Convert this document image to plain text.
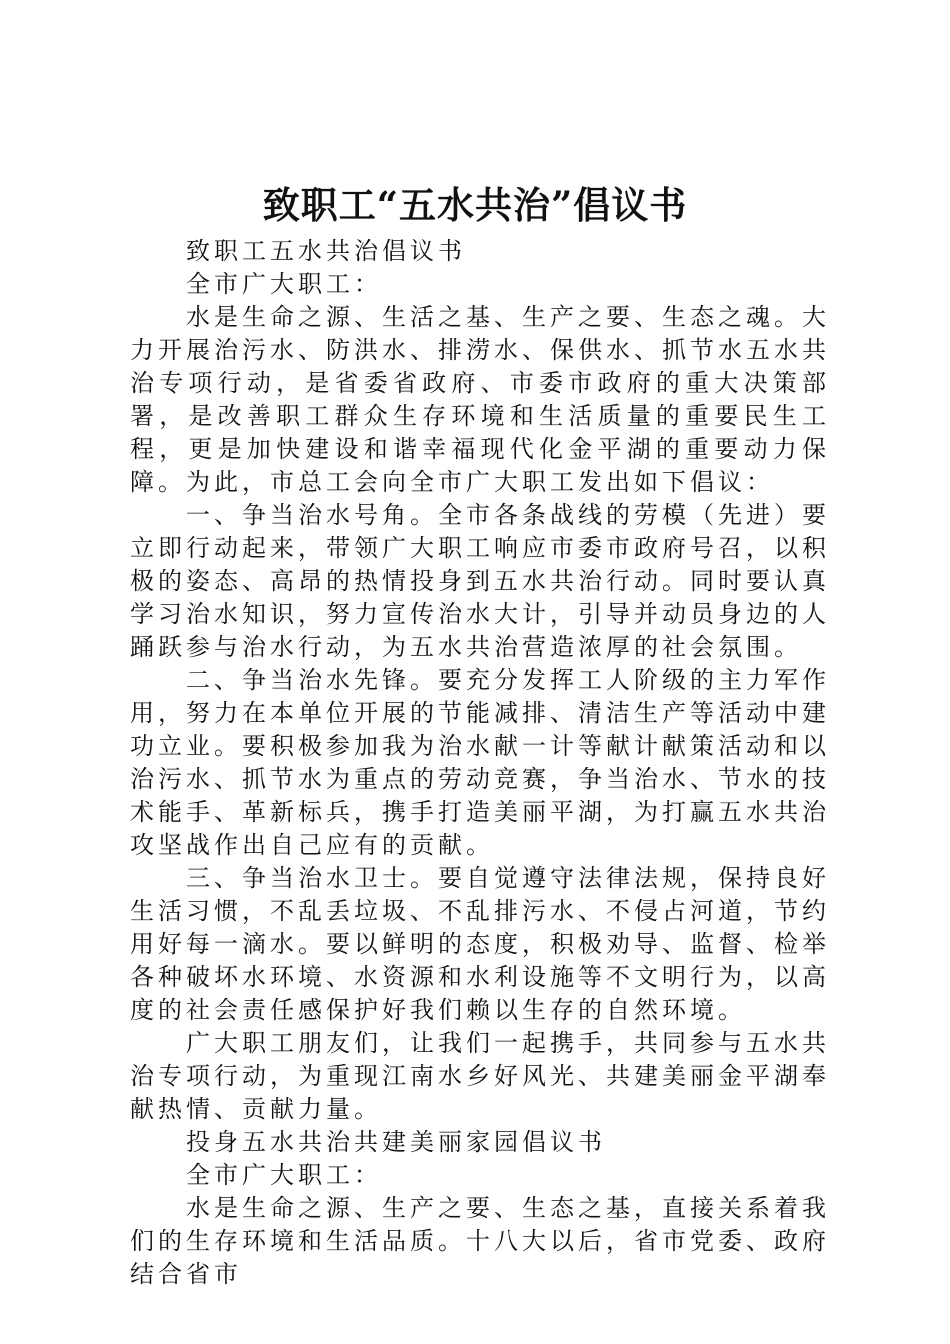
致职工“五水共治”倡议书

致职工五水共治倡议书

全市广大职工：

水是生命之源、生活之基、生产之要、生态之魂。大力开展治污水、防洪水、排涝水、保供水、抓节水五水共治专项行动，是省委省政府、市委市政府的重大决策部署，是改善职工群众生存环境和生活质量的重要民生工程，更是加快建设和谐幸福现代化金平湖的重要动力保障。为此，市总工会向全市广大职工发出如下倡议：

一、争当治水号角。全市各条战线的劳模（先进）要立即行动起来，带领广大职工响应市委市政府号召，以积极的姿态、高昂的热情投身到五水共治行动。同时要认真学习治水知识，努力宣传治水大计，引导并动员身边的人踊跃参与治水行动，为五水共治营造浓厚的社会氛围。

二、争当治水先锋。要充分发挥工人阶级的主力军作用，努力在本单位开展的节能减排、清洁生产等活动中建功立业。要积极参加我为治水献一计等献计献策活动和以治污水、抓节水为重点的劳动竞赛，争当治水、节水的技术能手、革新标兵，携手打造美丽平湖，为打赢五水共治攻坚战作出自己应有的贡献。

三、争当治水卫士。要自觉遵守法律法规，保持良好生活习惯，不乱丢垃圾、不乱排污水、不侵占河道，节约用好每一滴水。要以鲜明的态度，积极劝导、监督、检举各种破坏水环境、水资源和水利设施等不文明行为，以高度的社会责任感保护好我们赖以生存的自然环境。

广大职工朋友们，让我们一起携手，共同参与五水共治专项行动，为重现江南水乡好风光、共建美丽金平湖奉献热情、贡献力量。

投身五水共治共建美丽家园倡议书

全市广大职工：

水是生命之源、生产之要、生态之基，直接关系着我们的生存环境和生活品质。十八大以后，省市党委、政府结合省市
